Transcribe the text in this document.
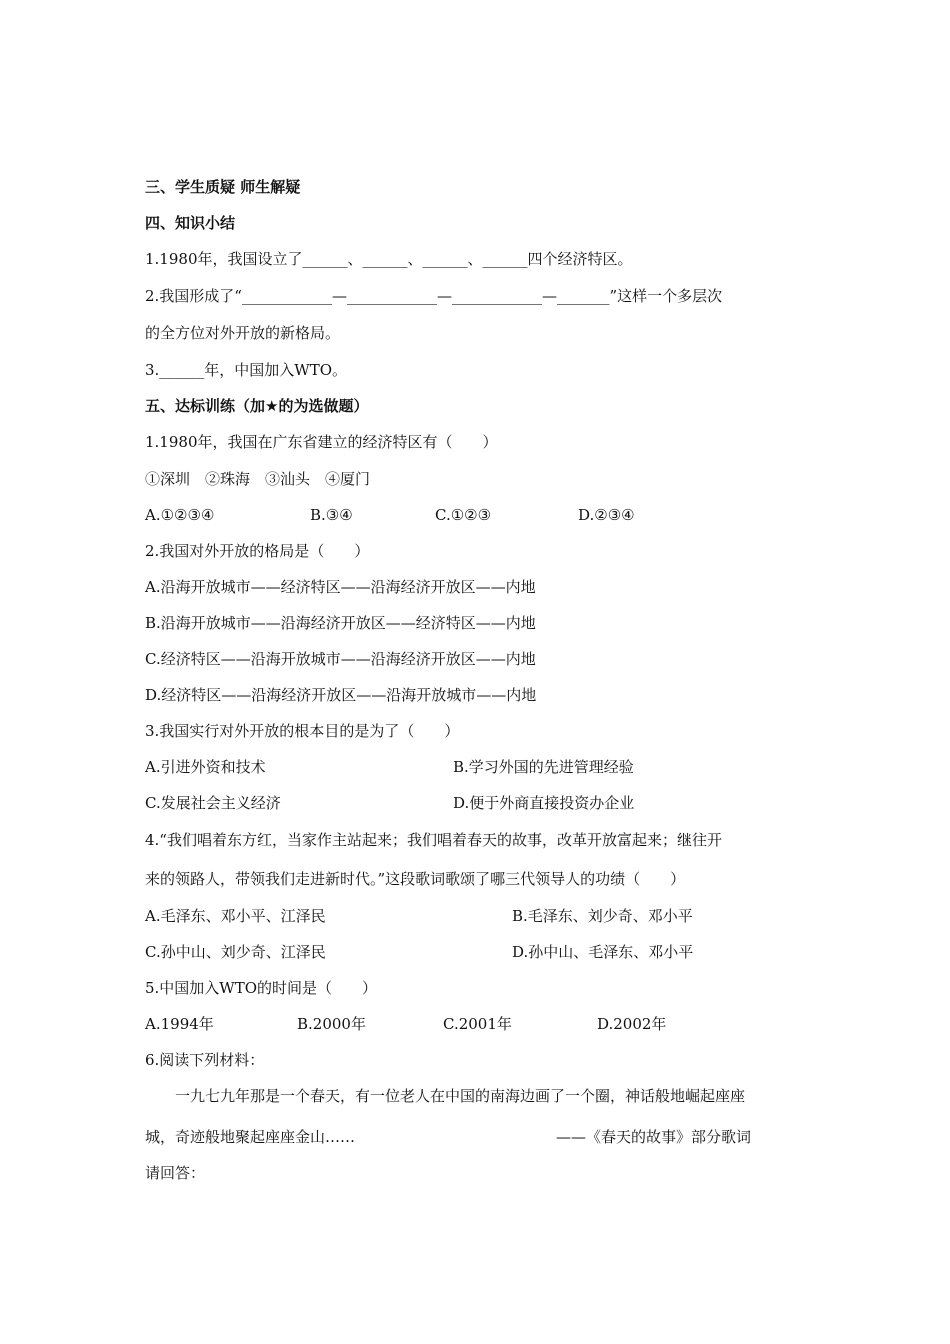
三、学生质疑 师生解疑
四、知识小结
1.1980年，我国设立了______、______、______、______四个经济特区。
2.我国形成了“____________—____________—____________—_______”这样一个多层次
的全方位对外开放的新格局。
3.______年，中国加入WTO。
五、达标训练（加★的为选做题）
1.1980年，我国在广东省建立的经济特区有（　　）
①深圳　②珠海　③汕头　④厦门
A.①②③④	B.③④	C.①②③	D.②③④
2.我国对外开放的格局是（　　）
A.沿海开放城市——经济特区——沿海经济开放区——内地
B.沿海开放城市——沿海经济开放区——经济特区——内地
C.经济特区——沿海开放城市——沿海经济开放区——内地
D.经济特区——沿海经济开放区——沿海开放城市——内地
3.我国实行对外开放的根本目的是为了（　　）
A.引进外资和技术	B.学习外国的先进管理经验
C.发展社会主义经济	D.便于外商直接投资办企业
4.“我们唱着东方红，当家作主站起来；我们唱着春天的故事，改革开放富起来；继往开
来的领路人，带领我们走进新时代。”这段歌词歌颂了哪三代领导人的功绩（　　）
A.毛泽东、邓小平、江泽民	B.毛泽东、刘少奇、邓小平
C.孙中山、刘少奇、江泽民	D.孙中山、毛泽东、邓小平
5.中国加入WTO的时间是（　　）
A.1994年	B.2000年	C.2001年	D.2002年
6.阅读下列材料：
一九七九年那是一个春天，有一位老人在中国的南海边画了一个圈，神话般地崛起座座
城，奇迹般地聚起座座金山……	——《春天的故事》部分歌词
请回答：
